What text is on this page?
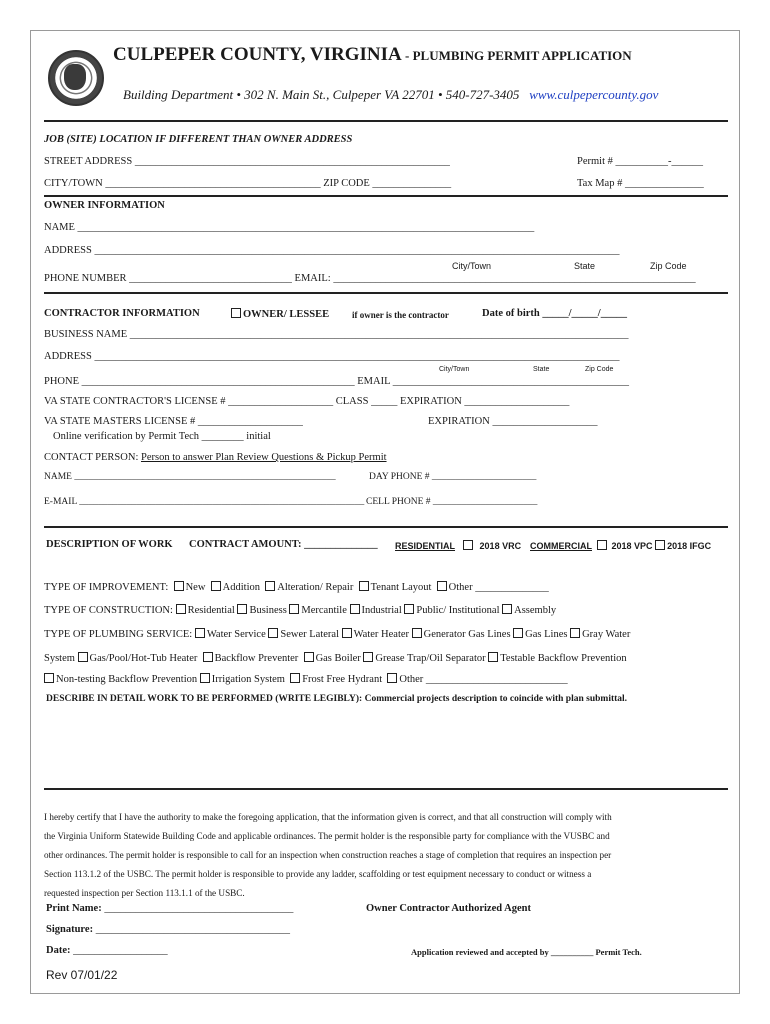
CULPEPER COUNTY, VIRGINIA - PLUMBING PERMIT APPLICATION
Building Department • 302 N. Main St., Culpeper VA 22701 • 540-727-3405 www.culpepercounty.gov
JOB (SITE) LOCATION IF DIFFERENT THAN OWNER ADDRESS
STREET ADDRESS ____________________________________________________________	Permit # __________-______
CITY/TOWN _________________________________________ ZIP CODE _______________	Tax Map # _______________
OWNER INFORMATION
NAME _______________________________________________________________________________________
ADDRESS ____________________________________________________________________________________________________
City/Town	State	Zip Code
PHONE NUMBER _______________________________ EMAIL: _____________________________________________________________________
CONTRACTOR INFORMATION	OWNER/ LESSEE	if owner is the contractor	Date of birth _____/_____/_____
BUSINESS NAME _______________________________________________________________________________________________
ADDRESS ____________________________________________________________________________________________________
City/Town	State	Zip Code
PHONE ____________________________________________________ EMAIL _____________________________________________
VA STATE CONTRACTOR'S LICENSE # ____________________ CLASS _____ EXPIRATION ____________________
VA STATE MASTERS LICENSE # ____________________	EXPIRATION ____________________
Online verification by Permit Tech ________ initial
CONTACT PERSON: Person to answer Plan Review Questions & Pickup Permit
NAME _______________________________________________________	DAY PHONE # ______________________
E-MAIL ____________________________________________________________ CELL PHONE # ______________________
DESCRIPTION OF WORK CONTRACT AMOUNT: ______________ RESIDENTIAL	2018 VRC COMMERCIAL 2018 VPC 2018 IFGC
TYPE OF IMPROVEMENT: New Addition Alteration/ Repair Tenant Layout Other ______________
TYPE OF CONSTRUCTION: Residential Business Mercantile Industrial Public/ Institutional Assembly
TYPE OF PLUMBING SERVICE: Water Service Sewer Lateral Water Heater Generator Gas Lines Gas Lines Gray Water
System Gas/Pool/Hot-Tub Heater Backflow Preventer Gas Boiler Grease Trap/Oil Separator Testable Backflow Prevention
Non-testing Backflow Prevention Irrigation System Frost Free Hydrant Other ___________________________
DESCRIBE IN DETAIL WORK TO BE PERFORMED (WRITE LEGIBLY): Commercial projects description to coincide with plan submittal.
I hereby certify that I have the authority to make the foregoing application, that the information given is correct, and that all construction will comply with
the Virginia Uniform Statewide Building Code and applicable ordinances. The permit holder is the responsible party for compliance with the VUSBC and
other ordinances. The permit holder is responsible to call for an inspection when construction reaches a stage of completion that requires an inspection per
Section 113.1.2 of the USBC. The permit holder is responsible to provide any ladder, scaffolding or test equipment necessary to conduct or witness a
requested inspection per Section 113.1.1 of the USBC.
Print Name: ____________________________________	Owner Contractor Authorized Agent
Signature: _____________________________________
Date: __________________	Application reviewed and accepted by __________ Permit Tech.
Rev 07/01/22
